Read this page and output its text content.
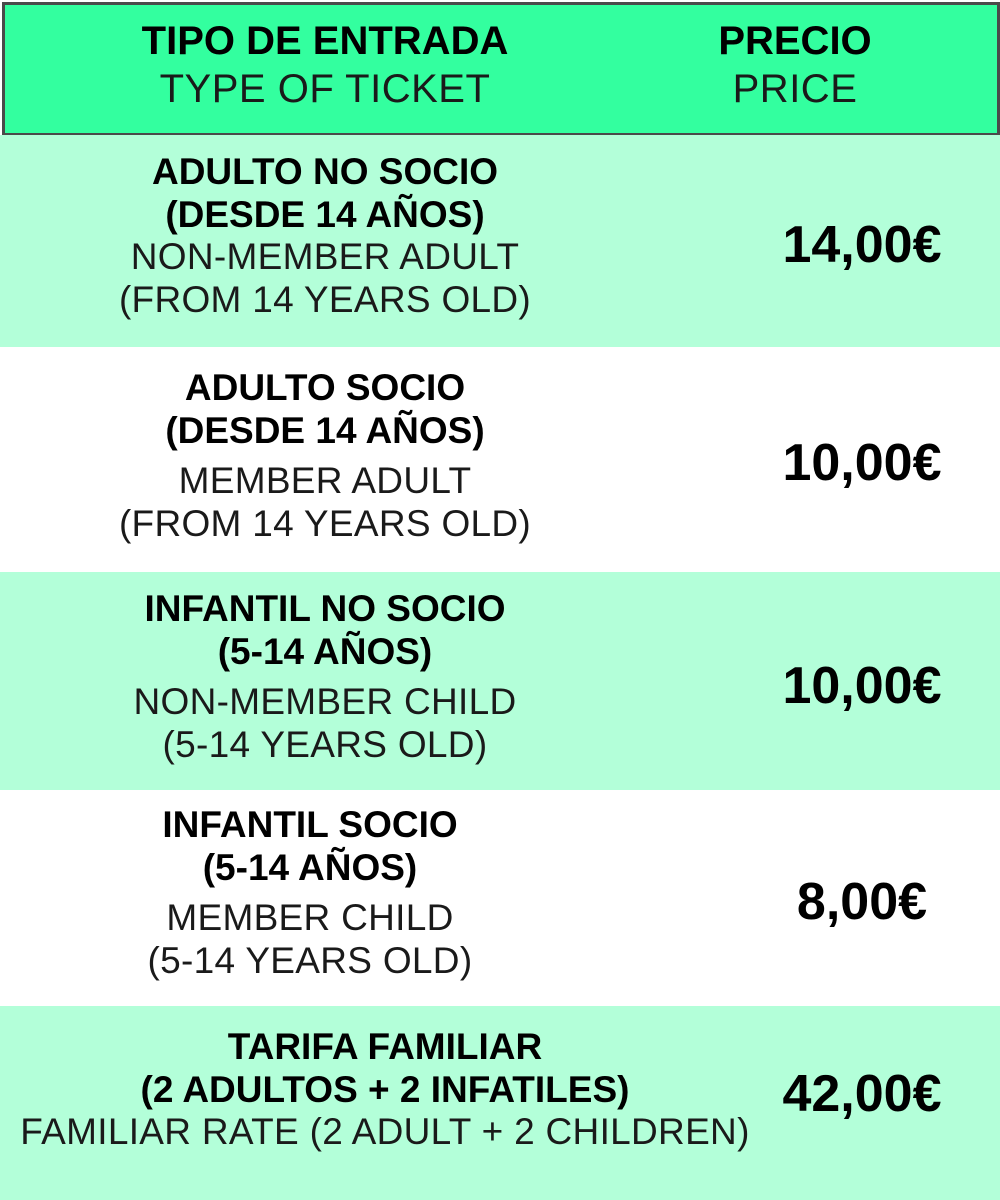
TIPO DE ENTRADA
TYPE OF TICKET
PRECIO
PRICE
ADULTO NO SOCIO
(DESDE 14 AÑOS)
NON-MEMBER ADULT
(FROM 14 YEARS OLD)
14,00€
ADULTO SOCIO
(DESDE 14 AÑOS)
MEMBER ADULT
(FROM 14 YEARS OLD)
10,00€
INFANTIL NO SOCIO
(5-14 AÑOS)
NON-MEMBER CHILD
(5-14 YEARS OLD)
10,00€
INFANTIL SOCIO
(5-14 AÑOS)
MEMBER CHILD
(5-14 YEARS OLD)
8,00€
TARIFA FAMILIAR
(2 ADULTOS + 2 INFATILES)
FAMILIAR RATE (2 ADULT + 2 CHILDREN)
42,00€
